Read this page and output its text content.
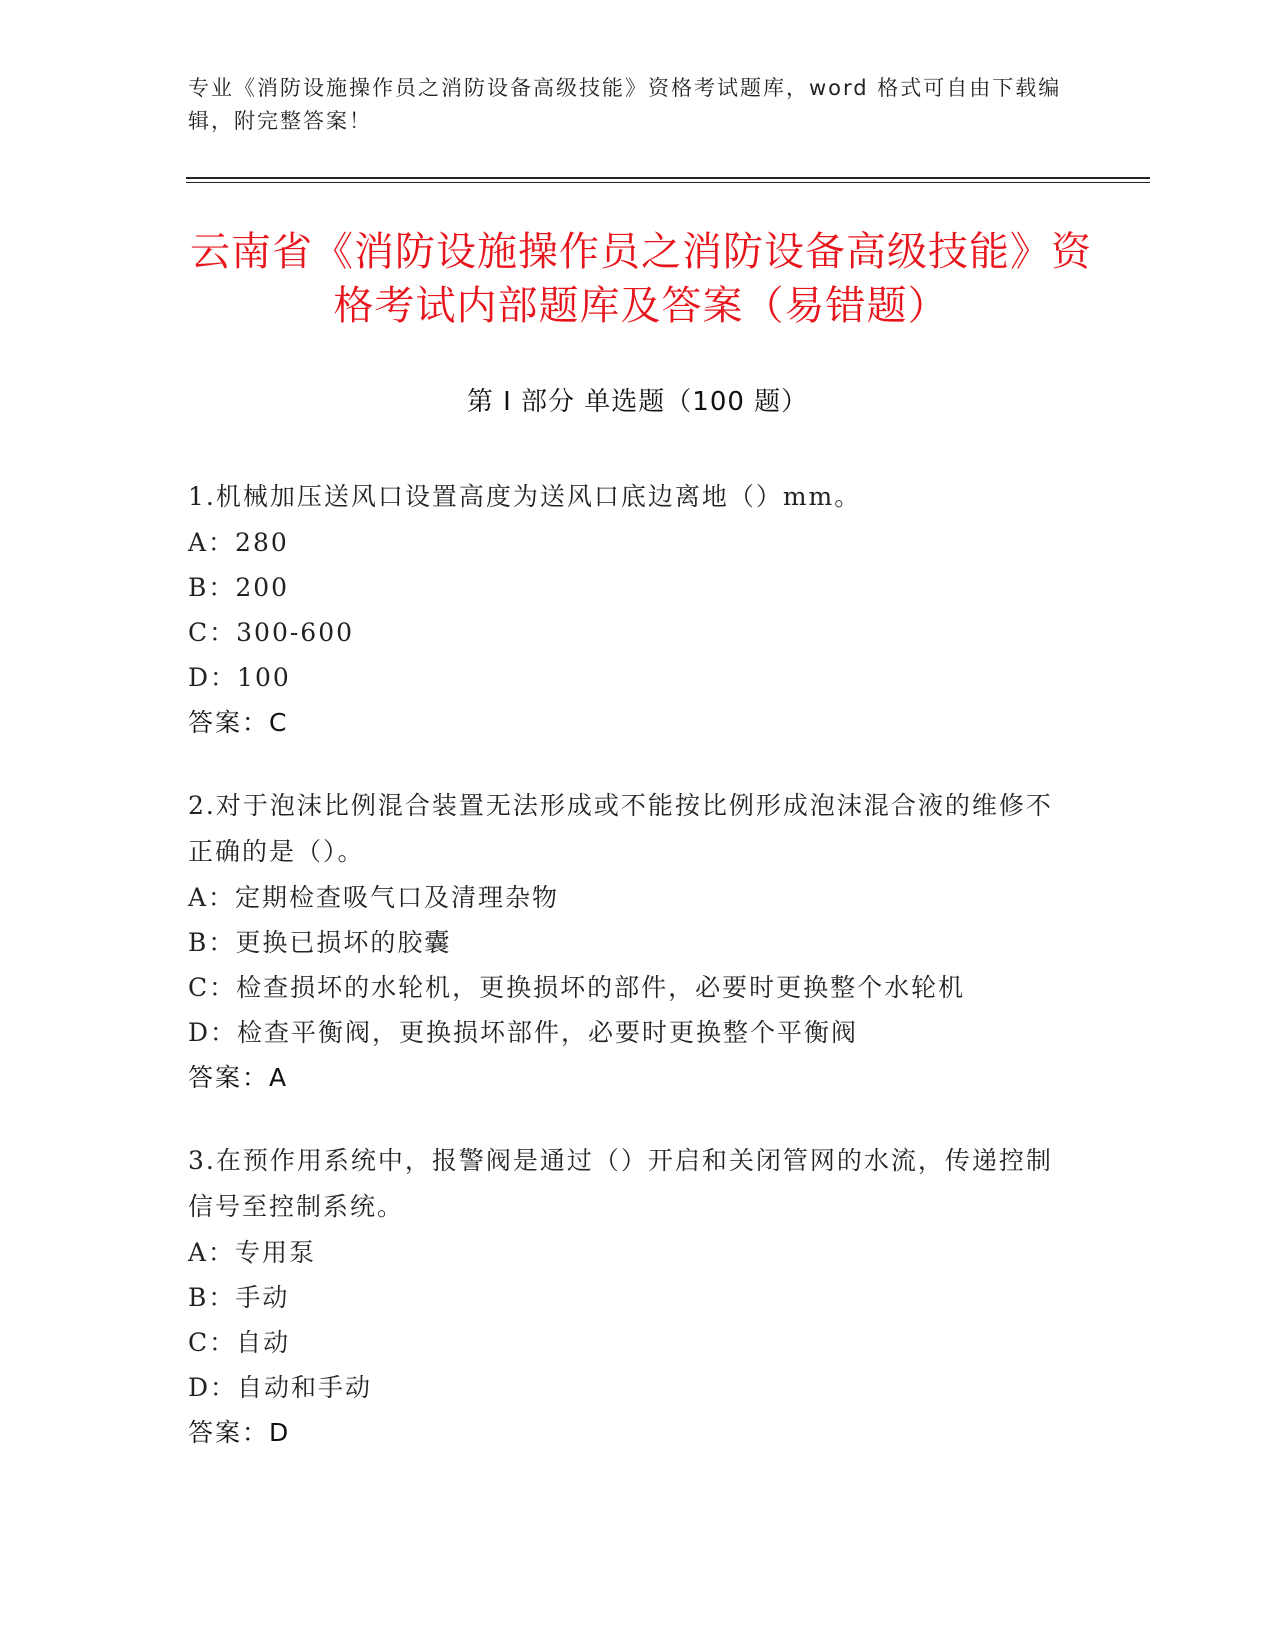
专业《消防设施操作员之消防设备高级技能》资格考试题库，word 格式可自由下载编辑，附完整答案！
云南省《消防设施操作员之消防设备高级技能》资格考试内部题库及答案（易错题）
第 I 部分 单选题（100 题）

1.机械加压送风口设置高度为送风口底边离地（）mm。

A：280

B：200

C：300-600

D：100

答案：C

2.对于泡沫比例混合装置无法形成或不能按比例形成泡沫混合液的维修不正确的是（）。

A：定期检查吸气口及清理杂物

B：更换已损坏的胶囊

C：检查损坏的水轮机，更换损坏的部件，必要时更换整个水轮机

D：检查平衡阀，更换损坏部件，必要时更换整个平衡阀

答案：A

3.在预作用系统中，报警阀是通过（）开启和关闭管网的水流，传递控制信号至控制系统。

A：专用泵

B：手动

C：自动

D：自动和手动

答案：D
